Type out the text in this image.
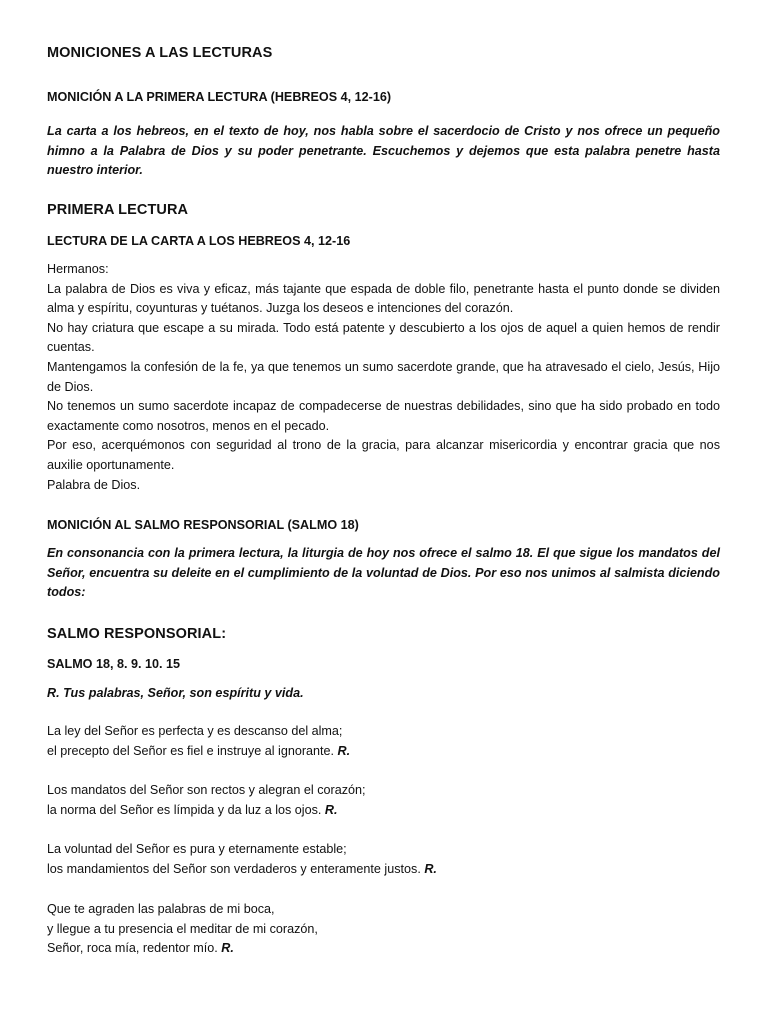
MONICIONES A LAS LECTURAS
MONICIÓN A LA PRIMERA LECTURA (HEBREOS 4, 12-16)
La carta a los hebreos, en el texto de hoy, nos habla sobre el sacerdocio de Cristo y nos ofrece un pequeño himno a la Palabra de Dios y su poder penetrante. Escuchemos y dejemos que esta palabra penetre hasta nuestro interior.
PRIMERA LECTURA
LECTURA DE LA CARTA A LOS HEBREOS 4, 12-16

Hermanos:

La palabra de Dios es viva y eficaz, más tajante que espada de doble filo, penetrante hasta el punto donde se dividen alma y espíritu, coyunturas y tuétanos. Juzga los deseos e intenciones del corazón.

No hay criatura que escape a su mirada. Todo está patente y descubierto a los ojos de aquel a quien hemos de rendir cuentas.

Mantengamos la confesión de la fe, ya que tenemos un sumo sacerdote grande, que ha atravesado el cielo, Jesús, Hijo de Dios.

No tenemos un sumo sacerdote incapaz de compadecerse de nuestras debilidades, sino que ha sido probado en todo exactamente como nosotros, menos en el pecado.

Por eso, acerquémonos con seguridad al trono de la gracia, para alcanzar misericordia y encontrar gracia que nos auxilie oportunamente.

Palabra de Dios.

MONICIÓN AL SALMO RESPONSORIAL (SALMO 18)
En consonancia con la primera lectura, la liturgia de hoy nos ofrece el salmo 18. El que sigue los mandatos del Señor, encuentra su deleite en el cumplimiento de la voluntad de Dios. Por eso nos unimos al salmista diciendo todos:
SALMO RESPONSORIAL:
SALMO 18, 8. 9. 10. 15
R. Tus palabras, Señor, son espíritu y vida.

La ley del Señor es perfecta y es descanso del alma;

el precepto del Señor es fiel e instruye al ignorante. R.

Los mandatos del Señor son rectos y alegran el corazón;

la norma del Señor es límpida y da luz a los ojos. R.

La voluntad del Señor es pura y eternamente estable;

los mandamientos del Señor son verdaderos y enteramente justos. R.

Que te agraden las palabras de mi boca,

y llegue a tu presencia el meditar de mi corazón,

Señor, roca mía, redentor mío. R.
